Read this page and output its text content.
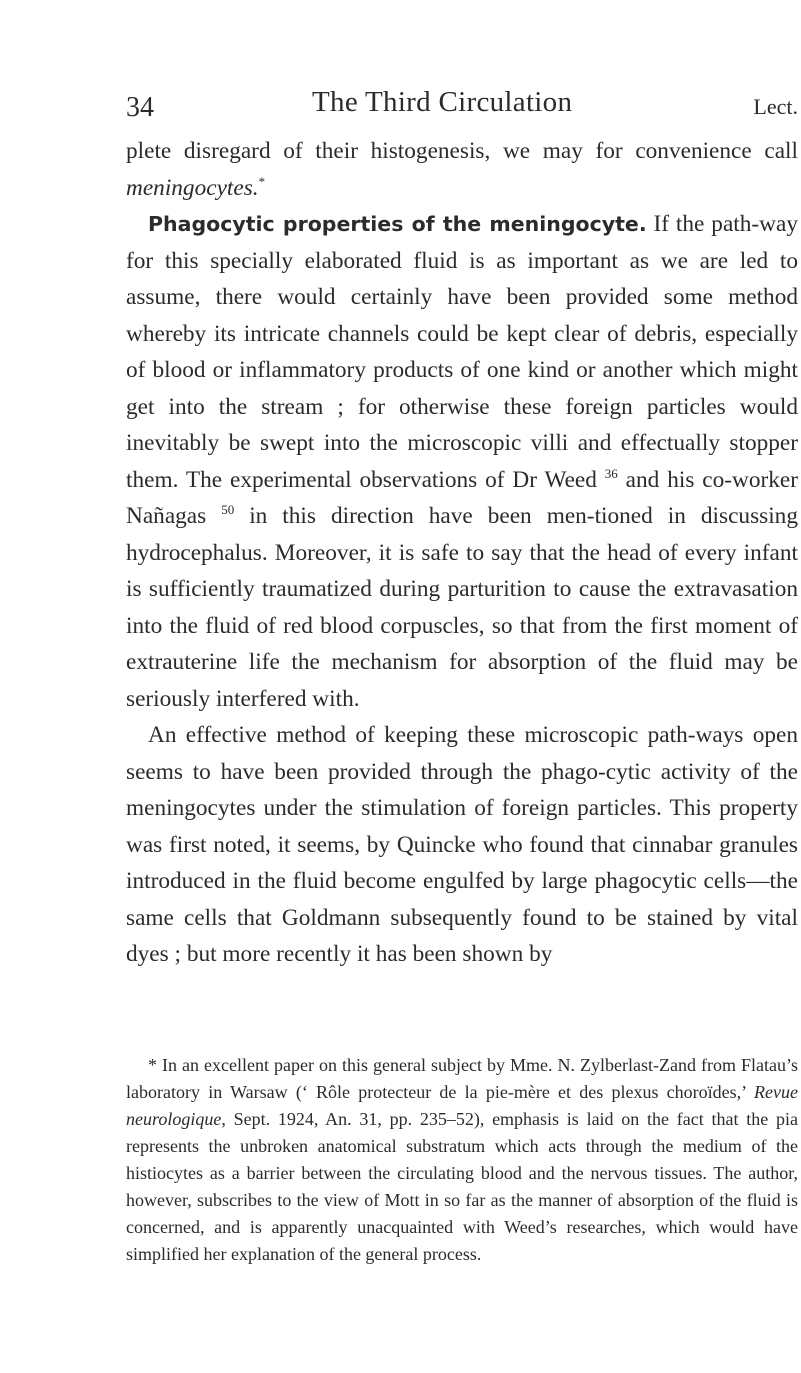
34	The Third Circulation	Lect.

plete disregard of their histogenesis, we may for convenience call meningocytes.*

Phagocytic properties of the meningocyte. If the path-way for this specially elaborated fluid is as important as we are led to assume, there would certainly have been provided some method whereby its intricate channels could be kept clear of debris, especially of blood or inflammatory products of one kind or another which might get into the stream ; for otherwise these foreign particles would inevitably be swept into the microscopic villi and effectually stopper them. The experimental observations of Dr Weed $^{36}$ and his co-worker Nañagas $^{50}$ in this direction have been men-tioned in discussing hydrocephalus. Moreover, it is safe to say that the head of every infant is sufficiently traumatized during parturition to cause the extravasation into the fluid of red blood corpuscles, so that from the first moment of extrauterine life the mechanism for absorption of the fluid may be seriously interfered with.

An effective method of keeping these microscopic path-ways open seems to have been provided through the phago-cytic activity of the meningocytes under the stimulation of foreign particles. This property was first noted, it seems, by Quincke who found that cinnabar granules introduced in the fluid become engulfed by large phagocytic cells—the same cells that Goldmann subsequently found to be stained by vital dyes ; but more recently it has been shown by

* In an excellent paper on this general subject by Mme. N. Zylberlast-Zand from Flatau’s laboratory in Warsaw (‘ Rôle protecteur de la pie-mère et des plexus choroïdes,’ Revue neurologique, Sept. 1924, An. 31, pp. 235–52), emphasis is laid on the fact that the pia represents the unbroken anatomical substratum which acts through the medium of the histiocytes as a barrier between the circulating blood and the nervous tissues. The author, however, subscribes to the view of Mott in so far as the manner of absorption of the fluid is concerned, and is apparently unacquainted with Weed’s researches, which would have simplified her explanation of the general process.
